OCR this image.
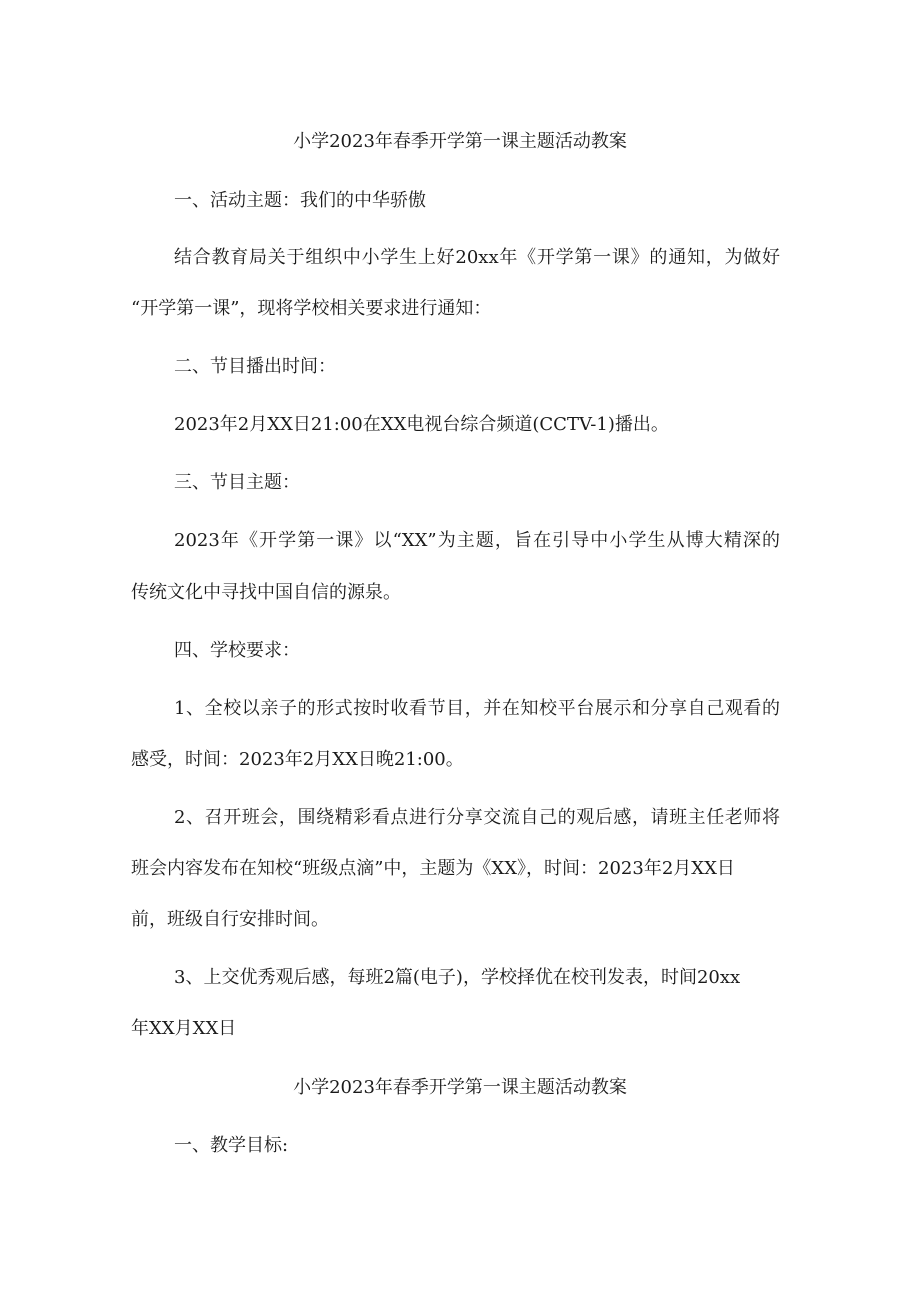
小学2023年春季开学第一课主题活动教案
一、活动主题：我们的中华骄傲
结合教育局关于组织中小学生上好20xx年《开学第一课》的通知，为做好
“开学第一课”，现将学校相关要求进行通知：
二、节目播出时间：
2023年2月XX日21:00在XX电视台综合频道(CCTV-1)播出。
三、节目主题：
2023年《开学第一课》以“XX”为主题，旨在引导中小学生从博大精深的
传统文化中寻找中国自信的源泉。
四、学校要求：
1、全校以亲子的形式按时收看节目，并在知校平台展示和分享自己观看的
感受，时间：2023年2月XX日晚21:00。
2、召开班会，围绕精彩看点进行分享交流自己的观后感，请班主任老师将
班会内容发布在知校“班级点滴”中，主题为《XX》，时间：2023年2月XX日
前，班级自行安排时间。
3、上交优秀观后感，每班2篇(电子)，学校择优在校刊发表，时间20xx
年XX月XX日
小学2023年春季开学第一课主题活动教案
一、教学目标:
